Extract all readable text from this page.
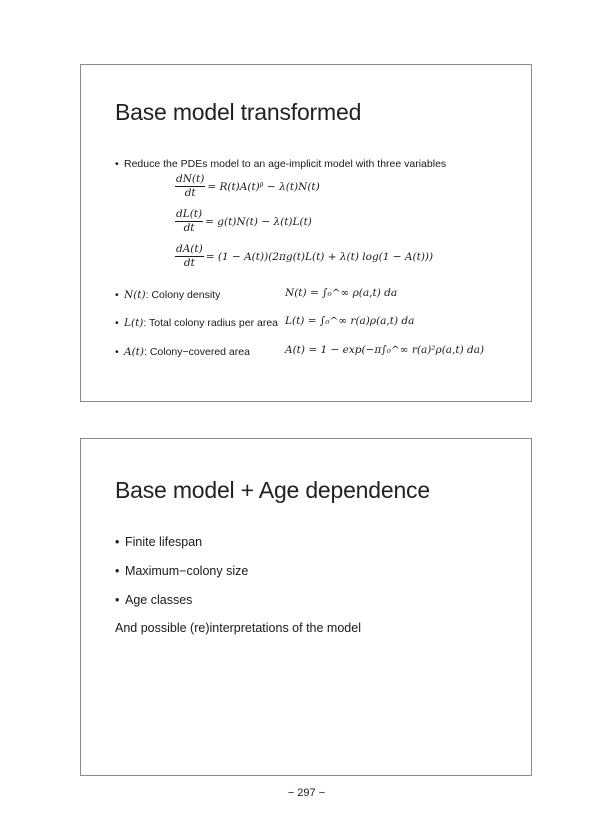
Base model transformed
• Reduce the PDEs model to an age-implicit model with three variables
$\frac{dN(t)}{dt}$ = R(t)A(t)ᵝ − λ(t)N(t)
$\frac{dL(t)}{dt} = g(t)N(t) - \lambda(t)L(t)$
$\frac{dA(t)}{dt} = (1 - A(t))(2\pi g(t)L(t) + \lambda(t) \log(1 - A(t)))$
• N(t): Colony density	N(t) = ∫₀^∞ ρ(a,t) da
• L(t): Total colony radius per area L(t) = ∫₀^∞ r(a)ρ(a,t) da
• A(t): Colony−covered area	A(t) = 1 − exp(−π∫₀^∞ r(a)²ρ(a,t) da)
Base model + Age dependence
• Finite lifespan
• Maximum−colony size
• Age classes
And possible (re)interpretations of the model
− 297 −
